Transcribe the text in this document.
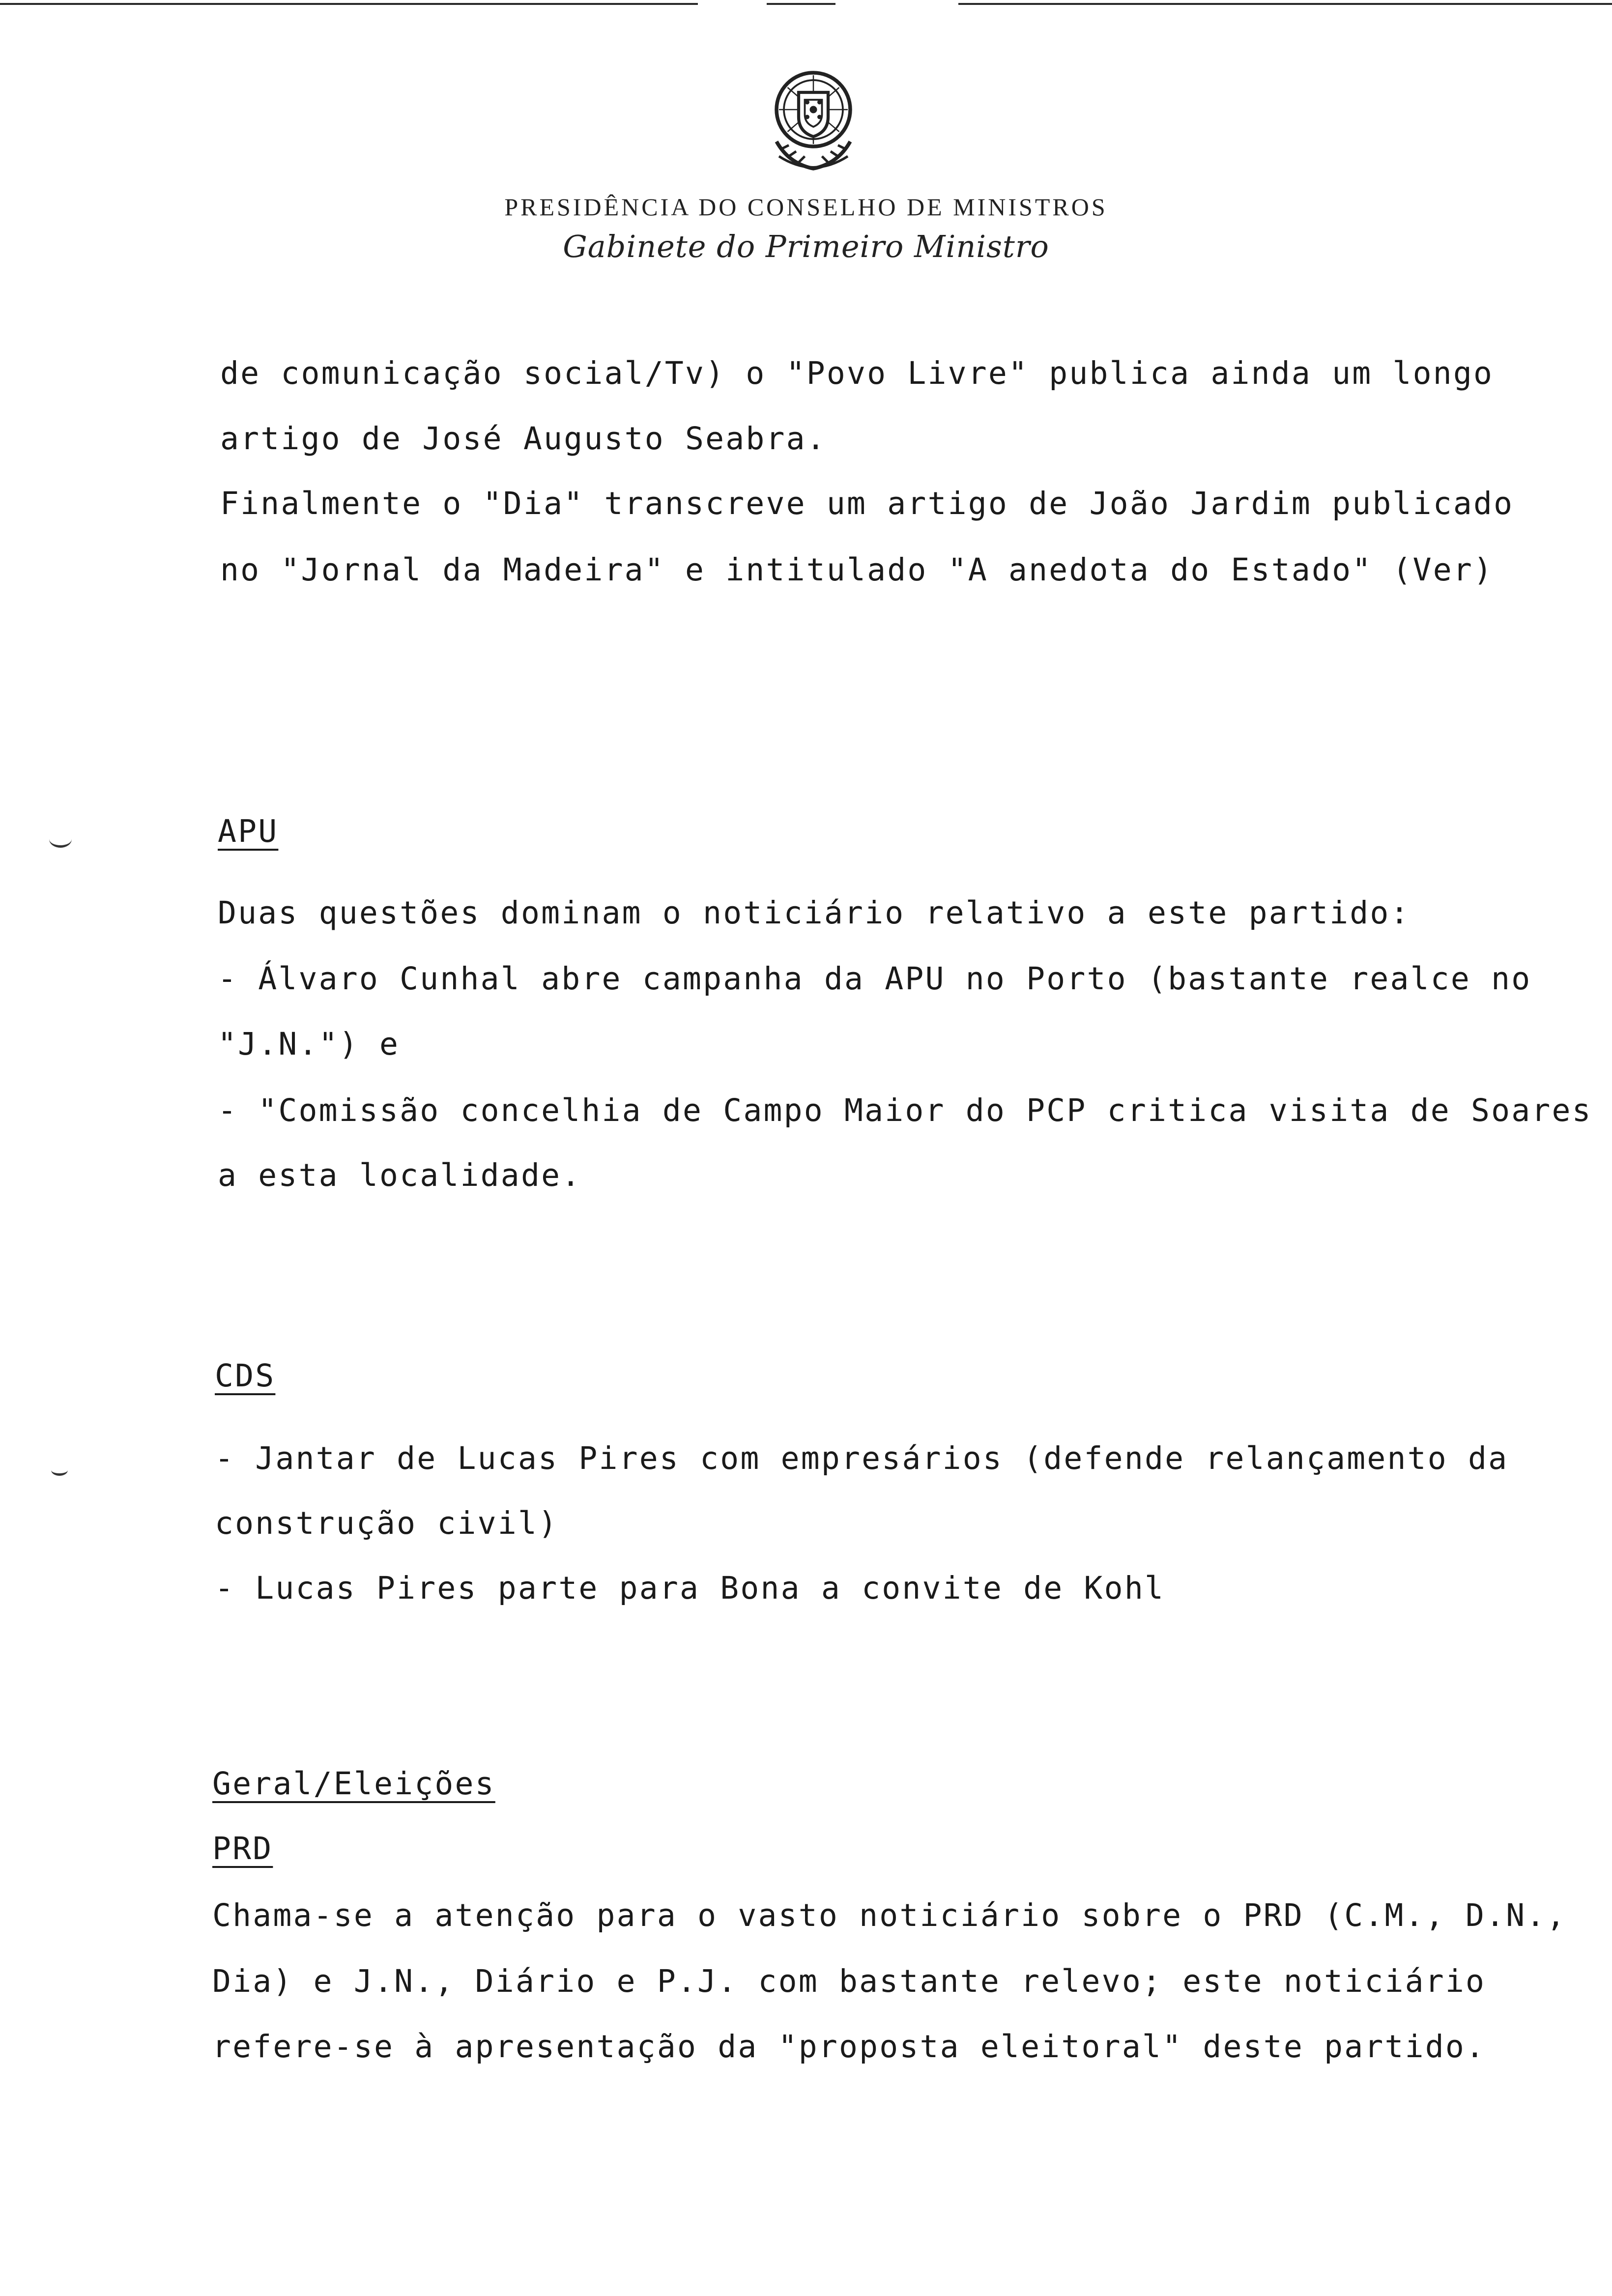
PRESIDÊNCIA DO CONSELHO DE MINISTROS
Gabinete do Primeiro Ministro
de comunicação social/Tv) o "Povo Livre" publica ainda um longo
artigo de José Augusto Seabra.
Finalmente o "Dia" transcreve um artigo de João Jardim publicado
no "Jornal da Madeira" e intitulado "A anedota do Estado" (Ver)
APU
Duas questões dominam o noticiário relativo a este partido:
- Álvaro Cunhal abre campanha da APU no Porto (bastante realce no
"J.N.") e
- "Comissão concelhia de Campo Maior do PCP critica visita de Soares
a esta localidade.
CDS
- Jantar de Lucas Pires com empresários (defende relançamento da
construção civil)
- Lucas Pires parte para Bona a convite de Kohl
Geral/Eleições
PRD
Chama-se a atenção para o vasto noticiário sobre o PRD (C.M., D.N.,
Dia) e J.N., Diário e P.J. com bastante relevo; este noticiário
refere-se à apresentação da "proposta eleitoral" deste partido.
